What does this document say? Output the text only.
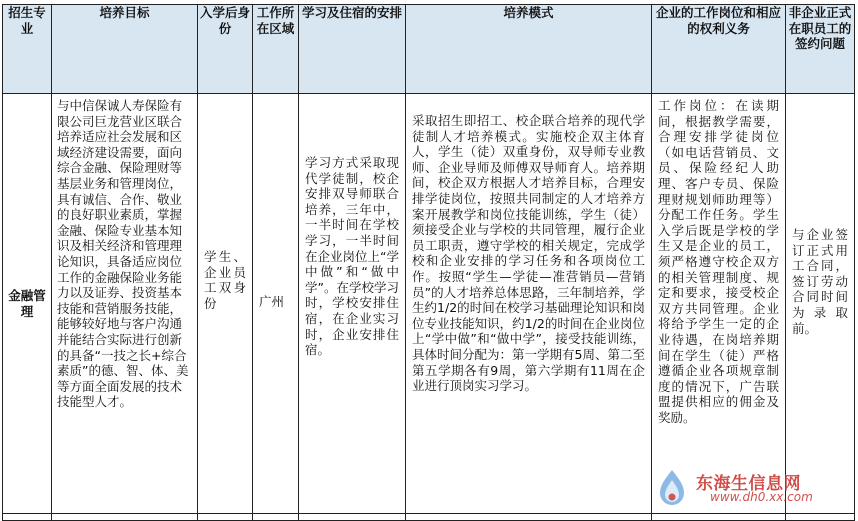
招生专业	培养目标	入学后身份	工作所在区域	学习及住宿的安排	培养模式	企业的工作岗位和相应的权利义务	非企业正式在职员工的签约问题
金融管理	与中信保诚人寿保险有限公司巨龙营业区联合培养适应社会发展和区域经济建设需要，面向综合金融、保险理财等基层业务和管理岗位，具有诚信、合作、敬业的良好职业素质，掌握金融、保险专业基本知识及相关经济和管理理论知识，具备适应岗位工作的金融保险业务能力以及证券、投资基本技能和营销服务技能，能够较好地与客户沟通并能结合实际进行创新的具备“一技之长+综合素质”的德、智、体、美等方面全面发展的技术技能型人才。	学生、企业员工双身份	广州	学习方式采取现代学徒制，校企安排双导师联合培养，三年中，一半时间在学校学习，一半时间在企业岗位上“学中做”和“做中学”。在学校学习时，学校安排住宿，在企业实习时，企业安排住宿。	采取招生即招工、校企联合培养的现代学徒制人才培养模式。实施校企双主体育人，学生（徒）双重身份，双导师专业教师、企业导师及师傅双导师育人。培养期间，校企双方根据人才培养目标，合理安排学徒岗位，按照共同制定的人才培养方案开展教学和岗位技能训练，学生（徒）须接受企业与学校的共同管理，履行企业员工职责，遵守学校的相关规定，完成学校和企业安排的学习任务和各项岗位工作。按照“学生—学徒—准营销员—营销员”的人才培养总体思路，三年制培养，学生约1/2的时间在校学习基础理论知识和岗位专业技能知识，约1/2的时间在企业岗位上“学中做”和“做中学”，接受技能训练，具体时间分配为：第一学期有5周、第二至第五学期各有9周，第六学期有11周在企业进行顶岗实习学习。	工作岗位：在读期间，根据教学需要，合理安排学徒岗位（如电话营销员、文员、保险经纪人助理、客户专员、保险理财规划师助理等）分配工作任务。学生入学后既是学校的学生又是企业的员工，须严格遵守校企双方的相关管理制度、规定和要求，接受校企双方共同管理。企业将给予学生一定的企业待遇，在岗培养期间在学生（徒）严格遵循企业各项规章制度的情况下，广告联盟提供相应的佣金及奖励。	与企业签订正式用工合同，签订劳动合同时间为录取前。

东海生信息网
www.dh0.xx.com
